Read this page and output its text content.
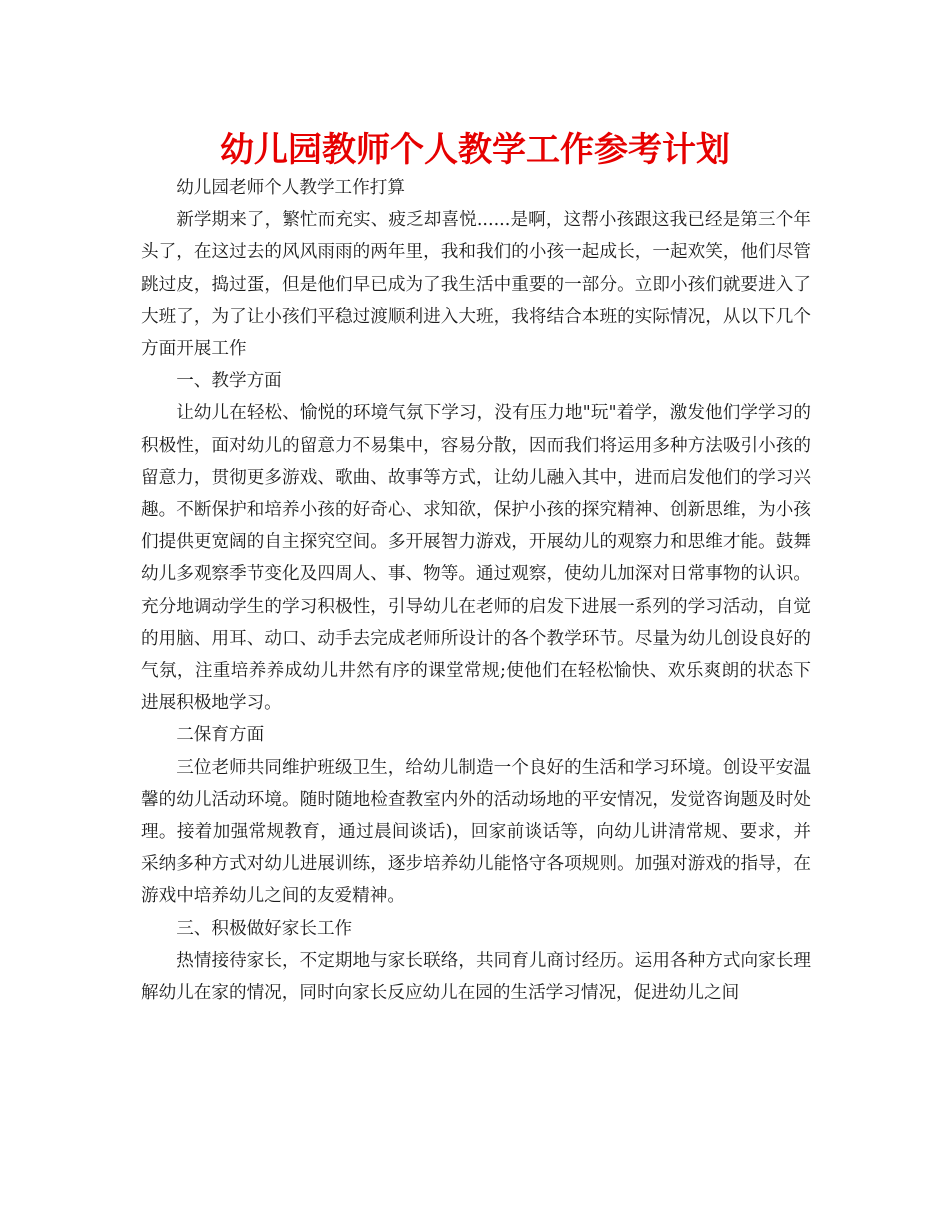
幼儿园教师个人教学工作参考计划

幼儿园老师个人教学工作打算

新学期来了，繁忙而充实、疲乏却喜悦......是啊，这帮小孩跟这我已经是第三个年头了，在这过去的风风雨雨的两年里，我和我们的小孩一起成长，一起欢笑，他们尽管跳过皮，捣过蛋，但是他们早已成为了我生活中重要的一部分。立即小孩们就要进入了大班了，为了让小孩们平稳过渡顺利进入大班，我将结合本班的实际情况，从以下几个方面开展工作

一、教学方面

让幼儿在轻松、愉悦的环境气氛下学习，没有压力地"玩"着学，激发他们学学习的积极性，面对幼儿的留意力不易集中，容易分散，因而我们将运用多种方法吸引小孩的留意力，贯彻更多游戏、歌曲、故事等方式，让幼儿融入其中，进而启发他们的学习兴趣。不断保护和培养小孩的好奇心、求知欲，保护小孩的探究精神、创新思维，为小孩们提供更宽阔的自主探究空间。多开展智力游戏，开展幼儿的观察力和思维才能。鼓舞幼儿多观察季节变化及四周人、事、物等。通过观察，使幼儿加深对日常事物的认识。充分地调动学生的学习积极性，引导幼儿在老师的启发下进展一系列的学习活动，自觉的用脑、用耳、动口、动手去完成老师所设计的各个教学环节。尽量为幼儿创设良好的气氛，注重培养养成幼儿井然有序的课堂常规;使他们在轻松愉快、欢乐爽朗的状态下进展积极地学习。

二保育方面

三位老师共同维护班级卫生，给幼儿制造一个良好的生活和学习环境。创设平安温馨的幼儿活动环境。随时随地检查教室内外的活动场地的平安情况，发觉咨询题及时处理。接着加强常规教育，通过晨间谈话)，回家前谈话等，向幼儿讲清常规、要求，并采纳多种方式对幼儿进展训练，逐步培养幼儿能恪守各项规则。加强对游戏的指导，在游戏中培养幼儿之间的友爱精神。

三、积极做好家长工作

热情接待家长，不定期地与家长联络，共同育儿商讨经历。运用各种方式向家长理解幼儿在家的情况，同时向家长反应幼儿在园的生活学习情况，促进幼儿之间
